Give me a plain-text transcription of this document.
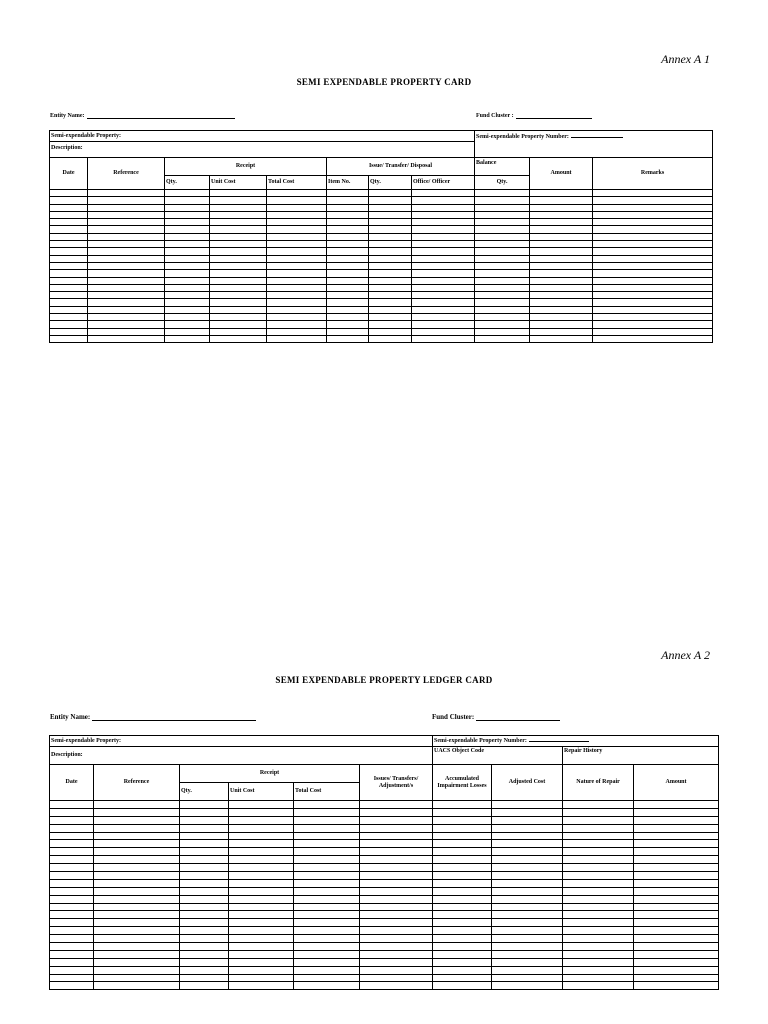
Annex A 1
SEMI EXPENDABLE PROPERTY CARD
Entity Name:	Fund Cluster :
Semi-expendable Property:								Semi-expendable Property Number:		
Description:										
Date	Reference	Receipt			Issue/ Transfer/ Disposal			Balance	Amount	Remarks
		Qty.	Unit Cost	Total Cost	Item No.	Qty.	Office/ Officer	Qty.		

Annex A 2
SEMI EXPENDABLE PROPERTY LEDGER CARD
Entity Name:	Fund Cluster:
Semi-expendable Property:						Semi-expendable Property Number:			
Description:						UACS Object Code		Repair History	
Date	Reference	Receipt			Issues/ Transfers/ Adjustment/s	Accumulated Impairment Losses	Adjusted Cost	Nature of Repair	Amount
		Qty.	Unit Cost	Total Cost					
